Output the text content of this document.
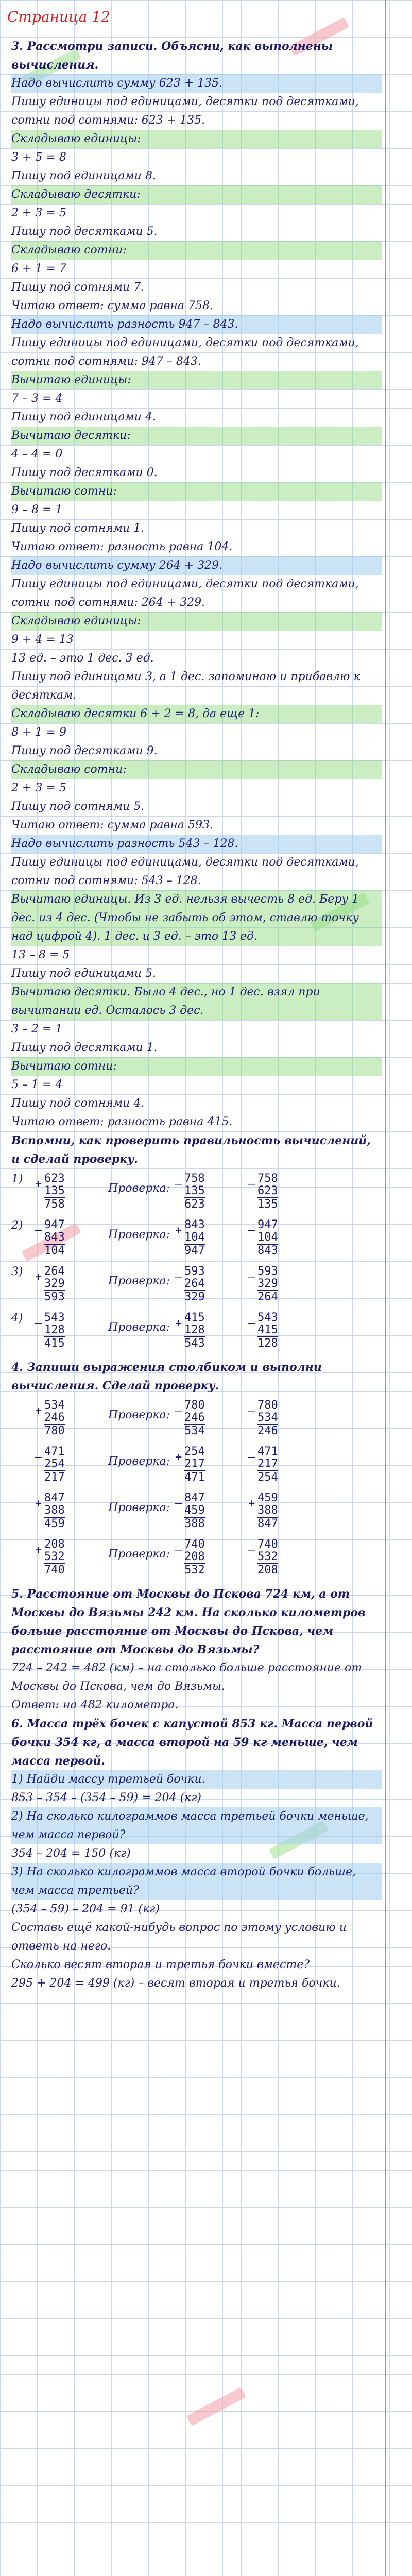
Страница 12
3. Рассмотри записи. Объясни, как выполнены вычисления.
Надо вычислить сумму 623 + 135.
Пишу единицы под единицами, десятки под десятками, сотни под сотнями: 623 + 135.
Складываю единицы:
3 + 5 = 8
Пишу под единицами 8.
Складываю десятки:
2 + 3 = 5
Пишу под десятками 5.
Складываю сотни:
6 + 1 = 7
Пишу под сотнями 7.
Читаю ответ: сумма равна 758.
Надо вычислить разность 947 – 843.
Пишу единицы под единицами, десятки под десятками, сотни под сотнями: 947 – 843.
Вычитаю единицы:
7 – 3 = 4
Пишу под единицами 4.
Вычитаю десятки:
4 – 4 = 0
Пишу под десятками 0.
Вычитаю сотни:
9 – 8 = 1
Пишу под сотнями 1.
Читаю ответ: разность равна 104.
Надо вычислить сумму 264 + 329.
Пишу единицы под единицами, десятки под десятками, сотни под сотнями: 264 + 329.
Складываю единицы:
9 + 4 = 13
13 ед. – это 1 дес. 3 ед.
Пишу под единицами 3, а 1 дес. запоминаю и прибавлю к десяткам.
Складываю десятки 6 + 2 = 8, да еще 1:
8 + 1 = 9
Пишу под десятками 9.
Складываю сотни:
2 + 3 = 5
Пишу под сотнями 5.
Читаю ответ: сумма равна 593.
Надо вычислить разность 543 – 128.
Пишу единицы под единицами, десятки под десятками, сотни под сотнями: 543 – 128.
Вычитаю единицы. Из 3 ед. нельзя вычесть 8 ед. Беру 1 дес. из 4 дес. (Чтобы не забыть об этом, ставлю точку над цифрой 4). 1 дес. и 3 ед. – это 13 ед.
13 – 8 = 5
Пишу под единицами 5.
Вычитаю десятки. Было 4 дес., но 1 дес. взял при вычитании ед. Осталось 3 дес.
3 – 2 = 1
Пишу под десятками 1.
Вычитаю сотни:
5 – 1 = 4
Пишу под сотнями 4.
Читаю ответ: разность равна 415.
Вспомни, как проверить правильность вычислений, и сделай проверку.
1)	+ 623
135
758
Проверка: – 758
135
623
– 758
623
135
2)	– 947
843
104
Проверка: + 843
104
947
– 947
104
843
3)	+ 264
329
593
Проверка: – 593
264
329
– 593
329
264
4)	– 543
128
415
Проверка: + 415
128
543
– 543
415
128
4. Запиши выражения столбиком и выполни вычисления. Сделай проверку.
+ 534
246
780
Проверка: – 780
246
534
– 780
534
246
– 471
254
217
Проверка: + 254
217
471
– 471
217
254
+ 847
388
459
Проверка: – 847
459
388
+ 459
388
847
+ 208
532
740
Проверка: – 740
208
532
– 740
532
208
5. Расстояние от Москвы до Пскова 724 км, а от Москвы до Вязьмы 242 км. На сколько километров больше расстояние от Москвы до Пскова, чем расстояние от Москвы до Вязьмы?
724 – 242 = 482 (км) – на столько больше расстояние от Москвы до Пскова, чем до Вязьмы.
Ответ: на 482 километра.
6. Масса трёх бочек с капустой 853 кг. Масса первой бочки 354 кг, а масса второй на 59 кг меньше, чем масса первой.
1) Найди массу третьей бочки.
853 – 354 – (354 – 59) = 204 (кг)
2) На сколько килограммов масса третьей бочки меньше, чем масса первой?
354 – 204 = 150 (кг)
3) На сколько килограммов масса второй бочки больше, чем масса третьей?
(354 – 59) – 204 = 91 (кг)
Составь ещё какой-нибудь вопрос по этому условию и ответь на него.
Сколько весят вторая и третья бочки вместе?
295 + 204 = 499 (кг) – весят вторая и третья бочки.
